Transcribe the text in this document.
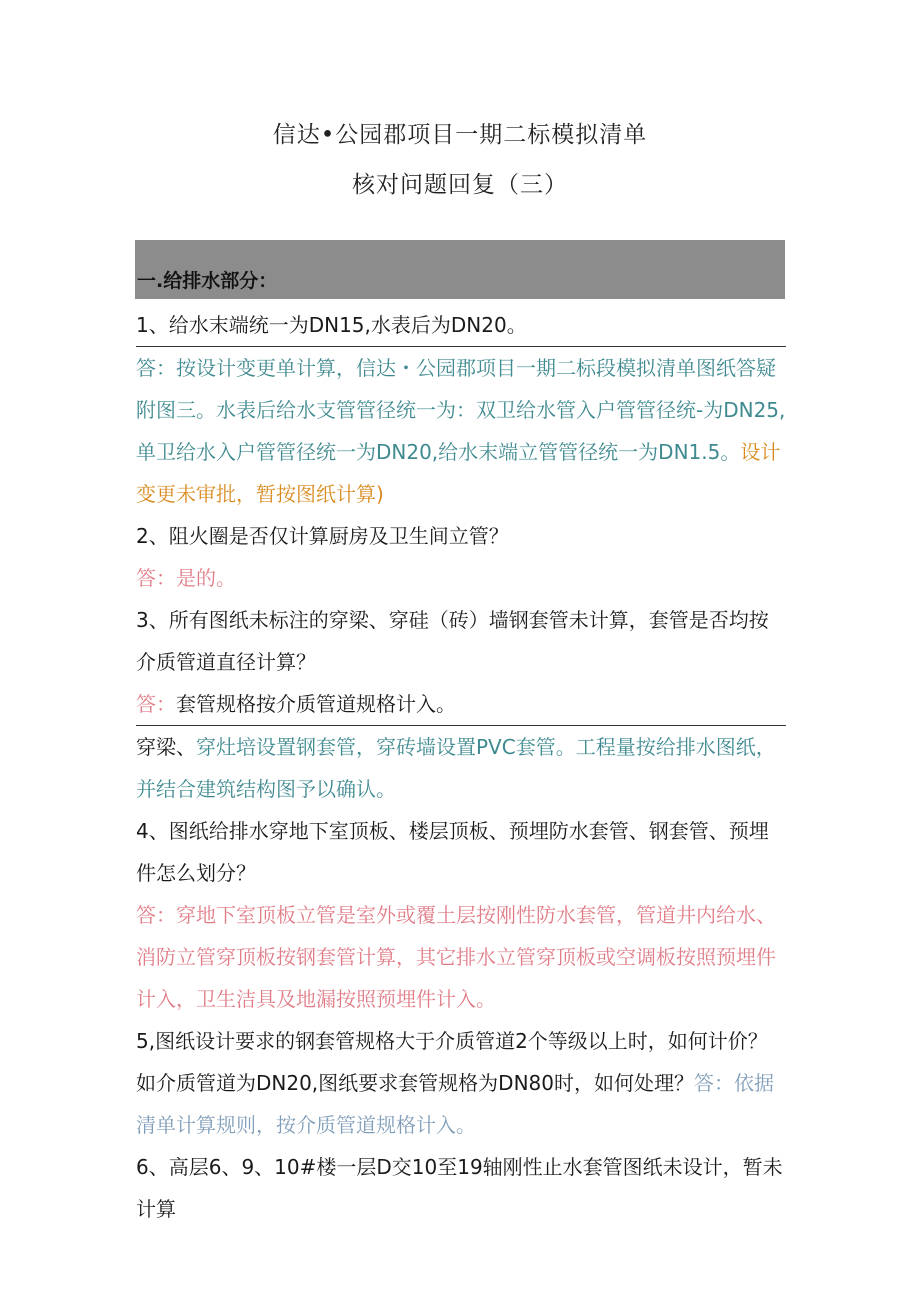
信达•公园郡项目一期二标模拟清单
核对问题回复（三）
一.给排水部分：

1、给水末端统一为DN15,水表后为DN20。

答：按设计变更单计算，信达・公园郡项目一期二标段模拟清单图纸答疑附图三。水表后给水支管管径统一为：双卫给水管入户管管径统-为DN25,单卫给水入户管管径统一为DN20,给水末端立管管径统一为DN1.5。设计变更未审批，暂按图纸计算)

2、阻火圈是否仅计算厨房及卫生间立管？

答：是的。

3、所有图纸未标注的穿梁、穿硅（砖）墙钢套管未计算，套管是否均按介质管道直径计算？

答：套管规格按介质管道规格计入。

穿梁、穿灶培设置钢套管，穿砖墙设置PVC套管。工程量按给排水图纸，并结合建筑结构图予以确认。

4、图纸给排水穿地下室顶板、楼层顶板、预埋防水套管、钢套管、预埋件怎么划分？

答：穿地下室顶板立管是室外或覆土层按刚性防水套管，管道井内给水、消防立管穿顶板按钢套管计算，其它排水立管穿顶板或空调板按照预埋件计入，卫生洁具及地漏按照预埋件计入。

5,图纸设计要求的钢套管规格大于介质管道2个等级以上时，如何计价？如介质管道为DN20,图纸要求套管规格为DN80时，如何处理？答：依据清单计算规则，按介质管道规格计入。

6、高层6、9、10#楼一层D交10至19轴刚性止水套管图纸未设计，暂未计算
